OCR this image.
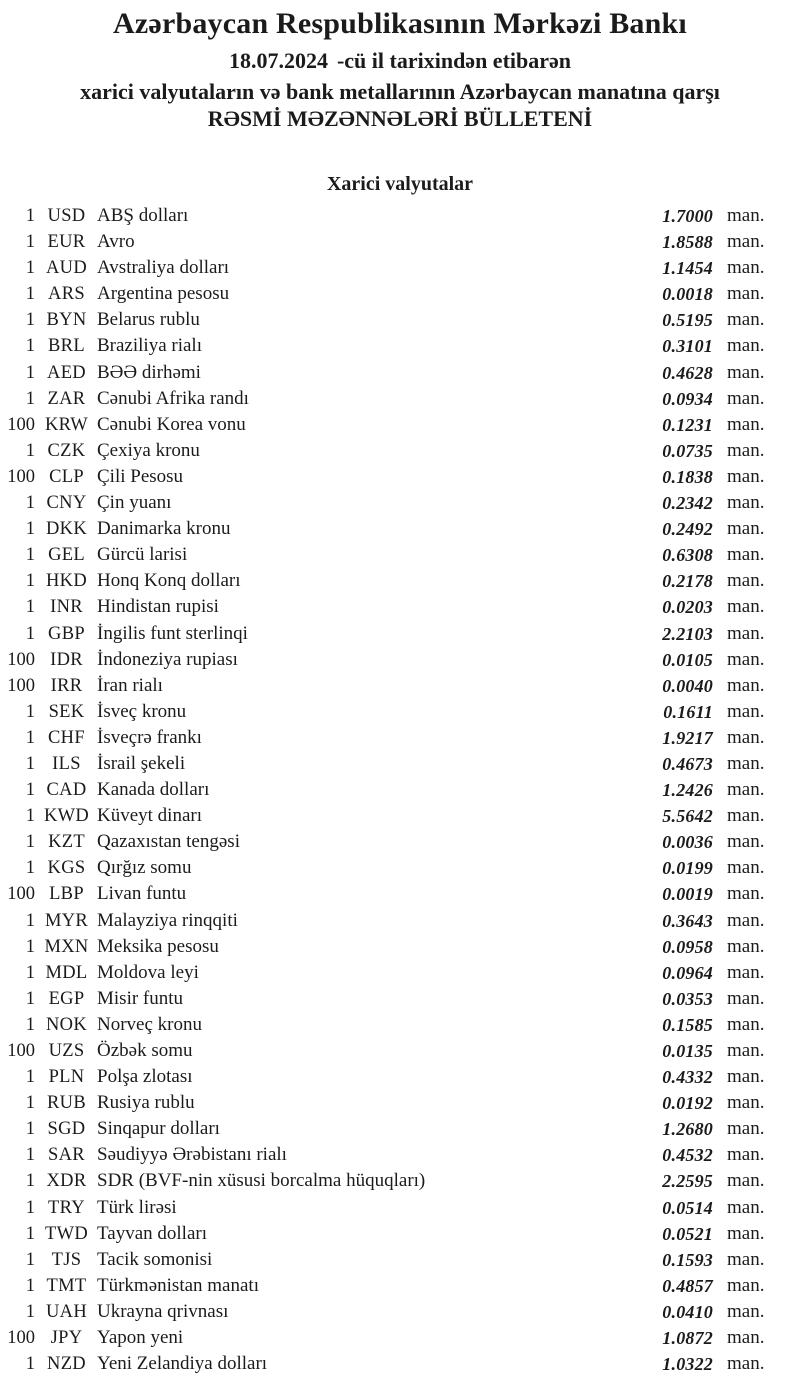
Azərbaycan Respublikasının Mərkəzi Bankı
18.07.2024 -cü il tarixindən etibarən
xarici valyutaların və bank metallarının Azərbaycan manatına qarşı
RƏSMİ MƏZƏNNƏLƏRİ BÜLLETENİ
Xarici valyutalar
1 USD ABŞ dolları	1.7000 man.
1 EUR Avro	1.8588 man.
1 AUD Avstraliya dolları	1.1454 man.
1 ARS Argentina pesosu	0.0018 man.
1 BYN Belarus rublu	0.5195 man.
1 BRL Braziliya rialı	0.3101 man.
1 AED BƏƏ dirhəmi	0.4628 man.
1 ZAR Cənubi Afrika randı	0.0934 man.
100 KRW Cənubi Korea vonu	0.1231 man.
1 CZK Çexiya kronu	0.0735 man.
100 CLP Çili Pesosu	0.1838 man.
1 CNY Çin yuanı	0.2342 man.
1 DKK Danimarka kronu	0.2492 man.
1 GEL Gürcü larisi	0.6308 man.
1 HKD Honq Konq dolları	0.2178 man.
1 INR Hindistan rupisi	0.0203 man.
1 GBP İngilis funt sterlinqi	2.2103 man.
100 IDR İndoneziya rupiası	0.0105 man.
100 IRR İran rialı	0.0040 man.
1 SEK İsveç kronu	0.1611 man.
1 CHF İsveçrə frankı	1.9217 man.
1 ILS İsrail şekeli	0.4673 man.
1 CAD Kanada dolları	1.2426 man.
1 KWD Küveyt dinarı	5.5642 man.
1 KZT Qazaxıstan tengəsi	0.0036 man.
1 KGS Qırğız somu	0.0199 man.
100 LBP Livan funtu	0.0019 man.
1 MYR Malayziya rinqqiti	0.3643 man.
1 MXN Meksika pesosu	0.0958 man.
1 MDL Moldova leyi	0.0964 man.
1 EGP Misir funtu	0.0353 man.
1 NOK Norveç kronu	0.1585 man.
100 UZS Özbək somu	0.0135 man.
1 PLN Polşa zlotası	0.4332 man.
1 RUB Rusiya rublu	0.0192 man.
1 SGD Sinqapur dolları	1.2680 man.
1 SAR Səudiyyə Ərəbistanı rialı	0.4532 man.
1 XDR SDR (BVF-nin xüsusi borcalma hüquqları)	2.2595 man.
1 TRY Türk lirəsi	0.0514 man.
1 TWD Tayvan dolları	0.0521 man.
1 TJS Tacik somonisi	0.1593 man.
1 TMT Türkmənistan manatı	0.4857 man.
1 UAH Ukrayna qrivnası	0.0410 man.
100 JPY Yapon yeni	1.0872 man.
1 NZD Yeni Zelandiya dolları	1.0322 man.
